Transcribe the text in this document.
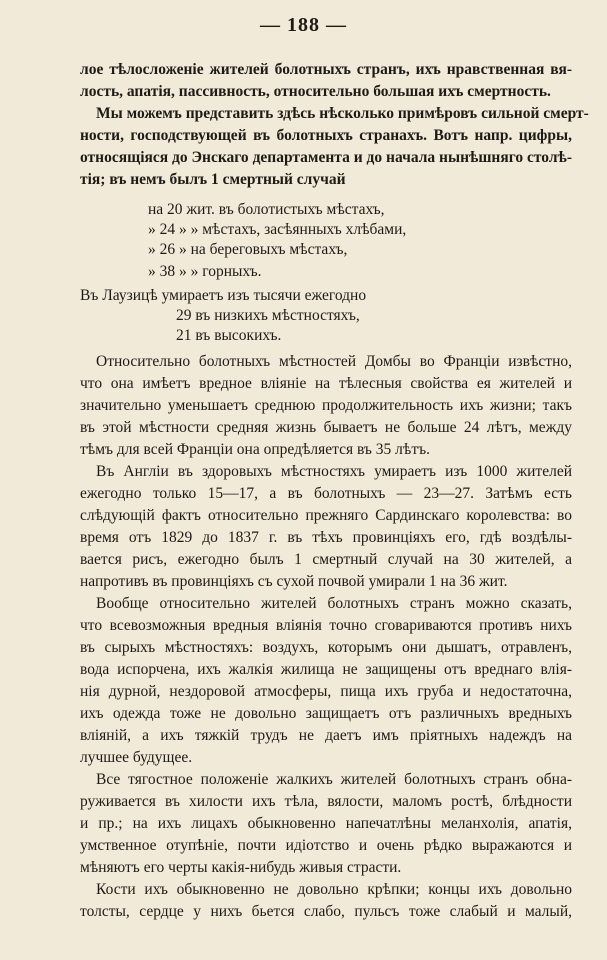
— 188 —
лое тѣлосложеніе жителей болотныхъ странъ, ихъ нравственная вя-
лость, апатія, пассивность, относительно большая ихъ смертность.
Мы можемъ представить здѣсь нѣсколько примѣровъ сильной смерт-
ности, господствующей въ болотныхъ странахъ. Вотъ напр. цифры,
относящіяся до Энскаго департамента и до начала нынѣшняго столѣ-
тія; въ немъ былъ 1 смертный случай
на 20 жит. въ болотистыхъ мѣстахъ,
» 24 » » мѣстахъ, засѣянныхъ хлѣбами,
» 26 » на береговыхъ мѣстахъ,
» 38 » » горныхъ.
Въ Лаузицѣ умираетъ изъ тысячи ежегодно
29 въ низкихъ мѣстностяхъ,
21 въ высокихъ.
Относительно болотныхъ мѣстностей Домбы во Франціи извѣстно,
что она имѣетъ вредное вліяніе на тѣлесныя свойства ея жителей и
значительно уменьшаетъ среднюю продолжительность ихъ жизни; такъ
въ этой мѣстности средняя жизнь бываетъ не больше 24 лѣтъ, между
тѣмъ для всей Франціи она опредѣляется въ 35 лѣтъ.
Въ Англіи въ здоровыхъ мѣстностяхъ умираетъ изъ 1000 жителей
ежегодно только 15—17, а въ болотныхъ — 23—27. Затѣмъ есть
слѣдующій фактъ относительно прежняго Сардинскаго королевства: во
время отъ 1829 до 1837 г. въ тѣхъ провинціяхъ его, гдѣ воздѣлы-
вается рисъ, ежегодно былъ 1 смертный случай на 30 жителей, а
напротивъ въ провинціяхъ съ сухой почвой умирали 1 на 36 жит.
Вообще относительно жителей болотныхъ странъ можно сказать,
что всевозможныя вредныя вліянія точно сговариваются противъ нихъ
въ сырыхъ мѣстностяхъ: воздухъ, которымъ они дышатъ, отравленъ,
вода испорчена, ихъ жалкія жилища не защищены отъ вреднаго влія-
нія дурной, нездоровой атмосферы, пища ихъ груба и недостаточна,
ихъ одежда тоже не довольно защищаетъ отъ различныхъ вредныхъ
вліяній, а ихъ тяжкій трудъ не даетъ имъ пріятныхъ надеждъ на
лучшее будущее.
Все тягостное положеніе жалкихъ жителей болотныхъ странъ обна-
руживается въ хилости ихъ тѣла, вялости, маломъ ростѣ, блѣдности
и пр.; на ихъ лицахъ обыкновенно напечатлѣны меланхолія, апатія,
умственное отупѣніе, почти идіотство и очень рѣдко выражаются и
мѣняютъ его черты какія-нибудь живыя страсти.
Кости ихъ обыкновенно не довольно крѣпки; концы ихъ довольно
толсты, сердце у нихъ бьется слабо, пульсъ тоже слабый и малый,
